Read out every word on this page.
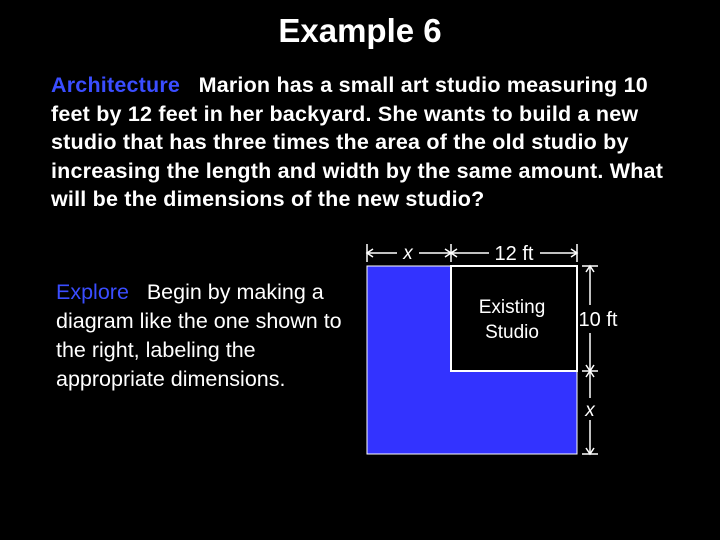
Example 6
Architecture Marion has a small art studio measuring 10 feet by 12 feet in her backyard. She wants to build a new studio that has three times the area of the old studio by increasing the length and width by the same amount. What will be the dimensions of the new studio?
Explore Begin by making a diagram like the one shown to the right, labeling the appropriate dimensions.
Existing
Studio
x	12 ft
10 ft
x
